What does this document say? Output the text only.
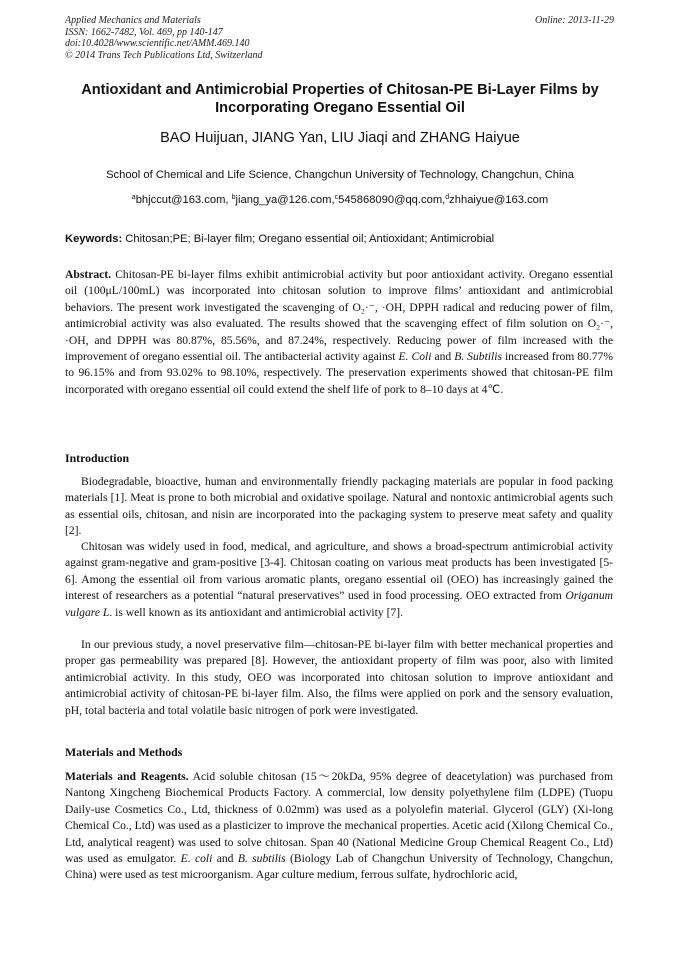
Applied Mechanics and Materials
ISSN: 1662-7482, Vol. 469, pp 140-147
doi:10.4028/www.scientific.net/AMM.469.140
© 2014 Trans Tech Publications Ltd, Switzerland
Online: 2013-11-29
Antioxidant and Antimicrobial Properties of Chitosan-PE Bi-Layer Films by Incorporating Oregano Essential Oil
BAO Huijuan, JIANG Yan, LIU Jiaqi and ZHANG Haiyue
School of Chemical and Life Science, Changchun University of Technology, Changchun, China
$^a$bhjccut@163.com, $^b$jiang_ya@126.com,$^c$545868090@qq.com,$^d$zhhaiyue@163.com
Keywords: Chitosan;PE; Bi-layer film; Oregano essential oil; Antioxidant; Antimicrobial

Abstract. Chitosan-PE bi-layer films exhibit antimicrobial activity but poor antioxidant activity. Oregano essential oil (100μL/100mL) was incorporated into chitosan solution to improve films’ antioxidant and antimicrobial behaviors. The present work investigated the scavenging of O₂·⁻, ·OH, DPPH radical and reducing power of film, antimicrobial activity was also evaluated. The results showed that the scavenging effect of film solution on O₂·⁻, ·OH, and DPPH was 80.87%, 85.56%, and 87.24%, respectively. Reducing power of film increased with the improvement of oregano essential oil. The antibacterial activity against E. Coli and B. Subtilis increased from 80.77% to 96.15% and from 93.02% to 98.10%, respectively. The preservation experiments showed that chitosan-PE film incorporated with oregano essential oil could extend the shelf life of pork to 8–10 days at 4℃.

Introduction

Biodegradable, bioactive, human and environmentally friendly packaging materials are popular in food packing materials [1]. Meat is prone to both microbial and oxidative spoilage. Natural and nontoxic antimicrobial agents such as essential oils, chitosan, and nisin are incorporated into the packaging system to preserve meat safety and quality [2].

Chitosan was widely used in food, medical, and agriculture, and shows a broad-spectrum antimicrobial activity against gram-negative and gram-positive [3-4]. Chitosan coating on various meat products has been investigated [5-6]. Among the essential oil from various aromatic plants, oregano essential oil (OEO) has increasingly gained the interest of researchers as a potential “natural preservatives” used in food processing. OEO extracted from Origanum vulgare L. is well known as its antioxidant and antimicrobial activity [7].

In our previous study, a novel preservative film—chitosan-PE bi-layer film with better mechanical properties and proper gas permeability was prepared [8]. However, the antioxidant property of film was poor, also with limited antimicrobial activity. In this study, OEO was incorporated into chitosan solution to improve antioxidant and antimicrobial activity of chitosan-PE bi-layer film. Also, the films were applied on pork and the sensory evaluation, pH, total bacteria and total volatile basic nitrogen of pork were investigated.

Materials and Methods

Materials and Reagents. Acid soluble chitosan (15～20kDa, 95% degree of deacetylation) was purchased from Nantong Xingcheng Biochemical Products Factory. A commercial, low density polyethylene film (LDPE) (Tuopu Daily-use Cosmetics Co., Ltd, thickness of 0.02mm) was used as a polyolefin material. Glycerol (GLY) (Xi-long Chemical Co., Ltd) was used as a plasticizer to improve the mechanical properties. Acetic acid (Xilong Chemical Co., Ltd, analytical reagent) was used to solve chitosan. Span 40 (National Medicine Group Chemical Reagent Co., Ltd) was used as emulgator. E. coli and B. subtilis (Biology Lab of Changchun University of Technology, Changchun, China) were used as test microorganism. Agar culture medium, ferrous sulfate, hydrochloric acid,
